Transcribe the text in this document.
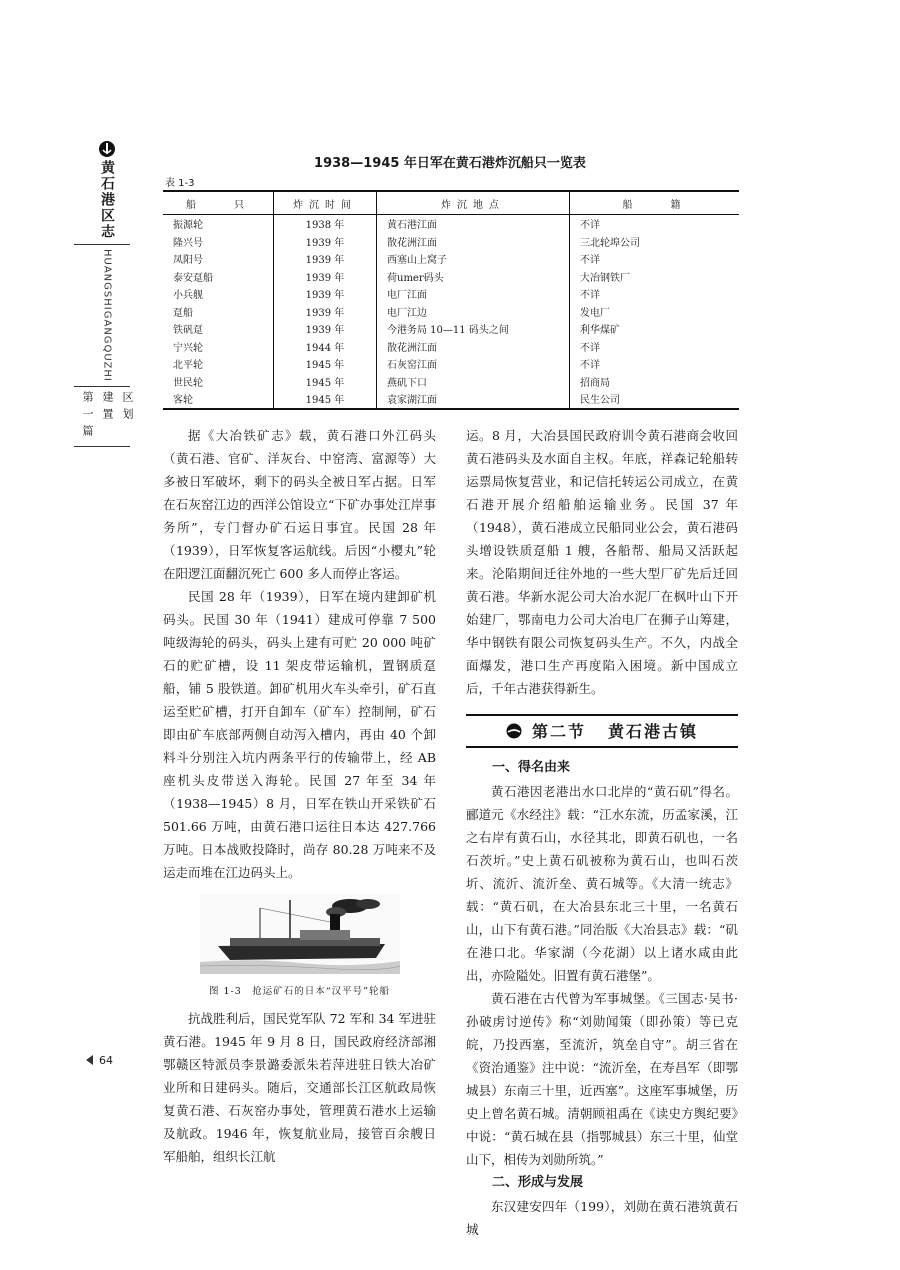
黄石港区志
HUANGSHIGANGQUZHI
第一篇 建置 区划
1938—1945 年日军在黄石港炸沉船只一览表
表 1-3
船　　只	炸沉时间	炸沉地点	船　　籍
振源轮	1938 年	黄石港江面	不详
隆兴号	1939 年	散花洲江面	三北轮埠公司
凤阳号	1939 年	西塞山上窝子	不详
泰安趸船	1939 年	荷umer码头	大冶钢铁厂
小兵舰	1939 年	电厂江面	不详
趸船	1939 年	电厂江边	发电厂
铁矾趸	1939 年	今港务局 10—11 码头之间	利华煤矿
宁兴轮	1944 年	散花洲江面	不详
北平轮	1945 年	石灰窑江面	不详
世民轮	1945 年	燕矶下口	招商局
客轮	1945 年	袁家湖江面	民生公司

据《大冶铁矿志》载，黄石港口外江码头（黄石港、官矿、洋灰台、中窑湾、富源等）大多被日军破坏，剩下的码头全被日军占据。日军在石灰窑江边的西洋公馆设立“下矿办事处江岸事务所”，专门督办矿石运日事宜。民国 28 年（1939），日军恢复客运航线。后因“小樱丸”轮在阳逻江面翻沉死亡 600 多人而停止客运。

民国 28 年（1939），日军在境内建卸矿机码头。民国 30 年（1941）建成可停靠 7 500 吨级海轮的码头，码头上建有可贮 20 000 吨矿石的贮矿槽，设 11 架皮带运输机，置钢质趸船，铺 5 股铁道。卸矿机用火车头牵引，矿石直运至贮矿槽，打开自卸车（矿车）控制闸，矿石即由矿车底部两侧自动泻入槽内，再由 40 个卸料斗分别注入坑内两条平行的传输带上，经 AB 座机头皮带送入海轮。民国 27 年至 34 年（1938—1945）8 月，日军在铁山开采铁矿石 501.66 万吨，由黄石港口运往日本达 427.766 万吨。日本战败投降时，尚存 80.28 万吨来不及运走而堆在江边码头上。

图 1-3　抢运矿石的日本“汉平号”轮船

抗战胜利后，国民党军队 72 军和 34 军进驻黄石港。1945 年 9 月 8 日，国民政府经济部湘鄂赣区特派员李景潞委派朱若萍进驻日铁大冶矿业所和日建码头。随后，交通部长江区航政局恢复黄石港、石灰窑办事处，管理黄石港水上运输及航政。1946 年，恢复航业局，接管百余艘日军船舶，组织长江航

运。8 月，大冶县国民政府训令黄石港商会收回黄石港码头及水面自主权。年底，祥森记轮船转运票局恢复营业，和记信托转运公司成立，在黄石港开展介绍船舶运输业务。民国 37 年（1948），黄石港成立民船同业公会，黄石港码头增设铁质趸船 1 艘，各船帮、船局又活跃起来。沦陷期间迁往外地的一些大型厂矿先后迁回黄石港。华新水泥公司大冶水泥厂在枫叶山下开始建厂，鄂南电力公司大冶电厂在狮子山筹建，华中钢铁有限公司恢复码头生产。不久，内战全面爆发，港口生产再度陷入困境。新中国成立后，千年古港获得新生。

第二节 黄石港古镇
一、得名由来

黄石港因老港出水口北岸的“黄石矶”得名。郦道元《水经注》载：“江水东流，历孟家溪，江之右岸有黄石山，水径其北，即黄石矶也，一名石茨圻。”史上黄石矶被称为黄石山，也叫石茨圻、流沂、流沂垒、黄石城等。《大清一统志》载：“黄石矶，在大冶县东北三十里，一名黄石山，山下有黄石港。”同治版《大冶县志》载：“矶在港口北。华家湖（今花湖）以上诸水咸由此出，亦险隘处。旧置有黄石港堡”。

黄石港在古代曾为军事城堡。《三国志·吴书·孙破虏讨逆传》称“刘勋闻策（即孙策）等已克皖，乃投西塞，至流沂，筑垒自守”。胡三省在《资治通鉴》注中说：“流沂垒，在寿昌军（即鄂城县）东南三十里，近西塞”。这座军事城堡，历史上曾名黄石城。清朝顾祖禹在《读史方舆纪要》中说：“黄石城在县（指鄂城县）东三十里，仙堂山下，相传为刘勋所筑。”

二、形成与发展

东汉建安四年（199），刘勋在黄石港筑黄石城

64
